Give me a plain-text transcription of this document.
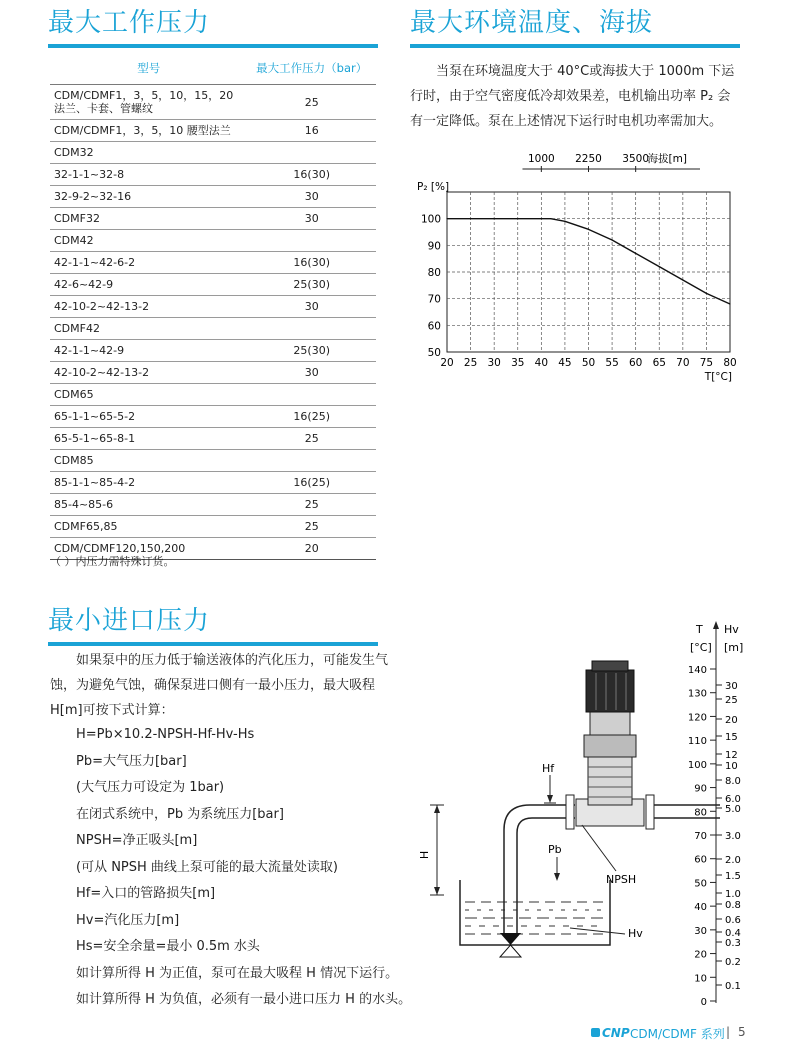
最大工作压力	最大环境温度、海拔
最小进口压力
型号	最大工作压力（bar）
CDM/CDMF1，3，5，10，15，20 法兰、卡套、管螺纹	25
CDM/CDMF1，3，5，10 腰型法兰	16
CDM32	
32-1-1~32-8	16(30)
32-9-2~32-16	30
CDMF32	30
CDM42	
42-1-1~42-6-2	16(30)
42-6~42-9	25(30)
42-10-2~42-13-2	30
CDMF42	
42-1-1~42-9	25(30)
42-10-2~42-13-2	30
CDM65	
65-1-1~65-5-2	16(25)
65-5-1~65-8-1	25
CDM85	
85-1-1~85-4-2	16(25)
85-4~85-6	25
CDMF65,85	25
CDM/CDMF120,150,200	20
（ ）内压力需特殊订货。
当泵在环境温度大于 40°C或海拔大于 1000m 下运行时，由于空气密度低冷却效果差，电机输出功率 P₂ 会有一定降低。泵在上述情况下运行时电机功率需加大。
20 25 30 35 40 45 50 55 60 65 70 75 80
50
60
70
80
90
100
P₂ [%]
T[°C]
1000 2250 3500
海拔[m]
如果泵中的压力低于输送液体的汽化压力，可能发生气蚀，为避免气蚀，确保泵进口侧有一最小压力，最大吸程H[m]可按下式计算：
H=Pb×10.2-NPSH-Hf-Hv-Hs
Pb=大气压力[bar]
(大气压力可设定为 1bar)
在闭式系统中，Pb 为系统压力[bar]
NPSH=净正吸头[m]
(可从 NPSH 曲线上泵可能的最大流量处读取)
Hf=入口的管路损失[m]
Hv=汽化压力[m]
Hs=安全余量=最小 0.5m 水头
如计算所得 H 为正值，泵可在最大吸程 H 情况下运行。
如计算所得 H 为负值，必须有一最小进口压力 H 的水头。
H
Hf
Pb
NPSH
Hv
T
[°C]
Hv
[m]
140
130
120
110
100
90
80
70
60
50
40
30
20
10
0
30
25
20
15
12
10
8.0
6.0
5.0
3.0
2.0
1.5
1.0
0.8
0.6
0.4
0.3
0.2
0.1
CNP CDM/CDMF 系列 | 5
